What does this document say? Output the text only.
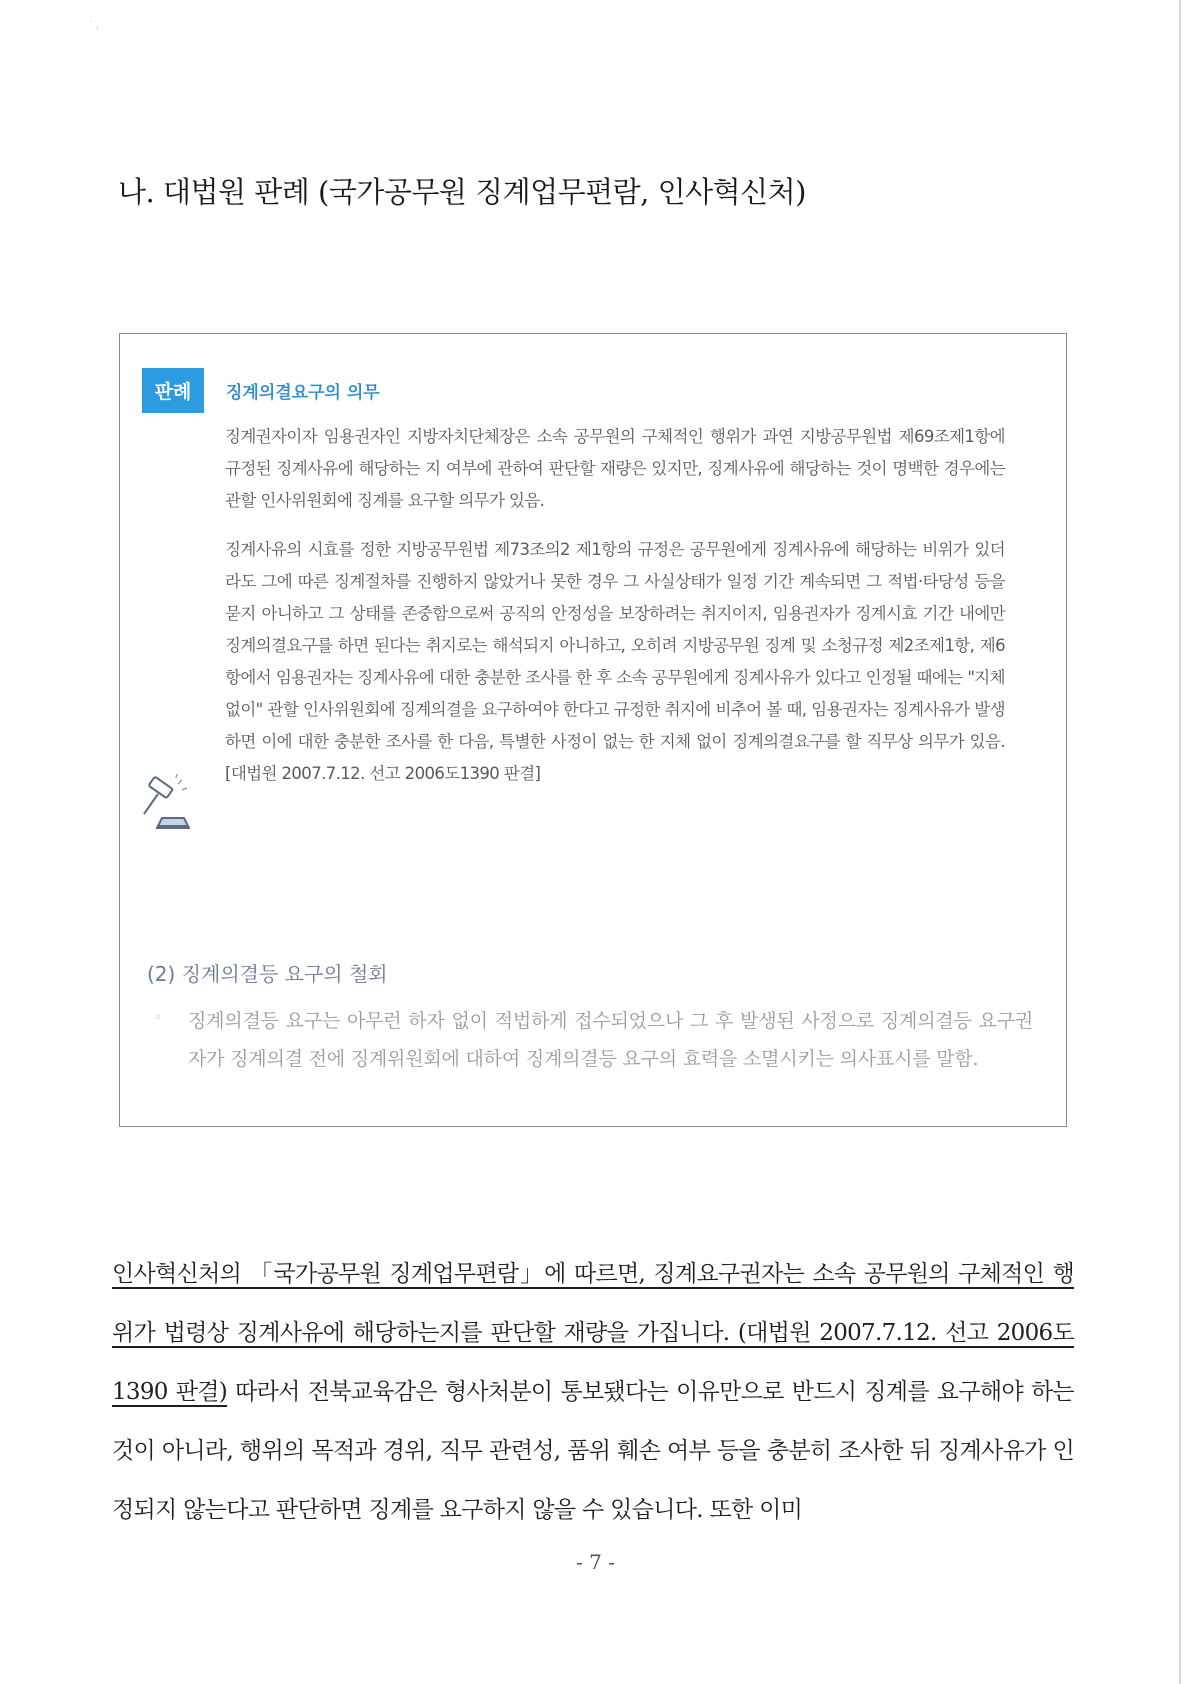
˙ ˌ
나. 대법원 판례 (국가공무원 징계업무편람, 인사혁신처)
판례	징계의결요구의 의무

징계권자이자 임용권자인 지방자치단체장은 소속 공무원의 구체적인 행위가 과연 지방공무원법 제69조제1항에 규정된 징계사유에 해당하는 지 여부에 관하여 판단할 재량은 있지만, 징계사유에 해당하는 것이 명백한 경우에는 관할 인사위원회에 징계를 요구할 의무가 있음.

징계사유의 시효를 정한 지방공무원법 제73조의2 제1항의 규정은 공무원에게 징계사유에 해당하는 비위가 있더라도 그에 따른 징계절차를 진행하지 않았거나 못한 경우 그 사실상태가 일정 기간 계속되면 그 적법·타당성 등을 묻지 아니하고 그 상태를 존중함으로써 공직의 안정성을 보장하려는 취지이지, 임용권자가 징계시효 기간 내에만 징계의결요구를 하면 된다는 취지로는 해석되지 아니하고, 오히려 지방공무원 징계 및 소청규정 제2조제1항, 제6항에서 임용권자는 징계사유에 대한 충분한 조사를 한 후 소속 공무원에게 징계사유가 있다고 인정될 때에는 "지체 없이" 관할 인사위원회에 징계의결을 요구하여야 한다고 규정한 취지에 비추어 볼 때, 임용권자는 징계사유가 발생하면 이에 대한 충분한 조사를 한 다음, 특별한 사정이 없는 한 지체 없이 징계의결요구를 할 직무상 의무가 있음.[대법원 2007.7.12. 선고 2006도1390 판결]

(2) 징계의결등 요구의 철회
◦ 징계의결등 요구는 아무런 하자 없이 적법하게 접수되었으나 그 후 발생된 사정으로 징계의결등 요구권자가 징계의결 전에 징계위원회에 대하여 징계의결등 요구의 효력을 소멸시키는 의사표시를 말함.

인사혁신처의 「국가공무원 징계업무편람」에 따르면, 징계요구권자는 소속 공무원의 구체적인 행위가 법령상 징계사유에 해당하는지를 판단할 재량을 가집니다. (대법원 2007.7.12. 선고 2006도1390 판결) 따라서 전북교육감은 형사처분이 통보됐다는 이유만으로 반드시 징계를 요구해야 하는 것이 아니라, 행위의 목적과 경위, 직무 관련성, 품위 훼손 여부 등을 충분히 조사한 뒤 징계사유가 인정되지 않는다고 판단하면 징계를 요구하지 않을 수 있습니다. 또한 이미

- 7 -
